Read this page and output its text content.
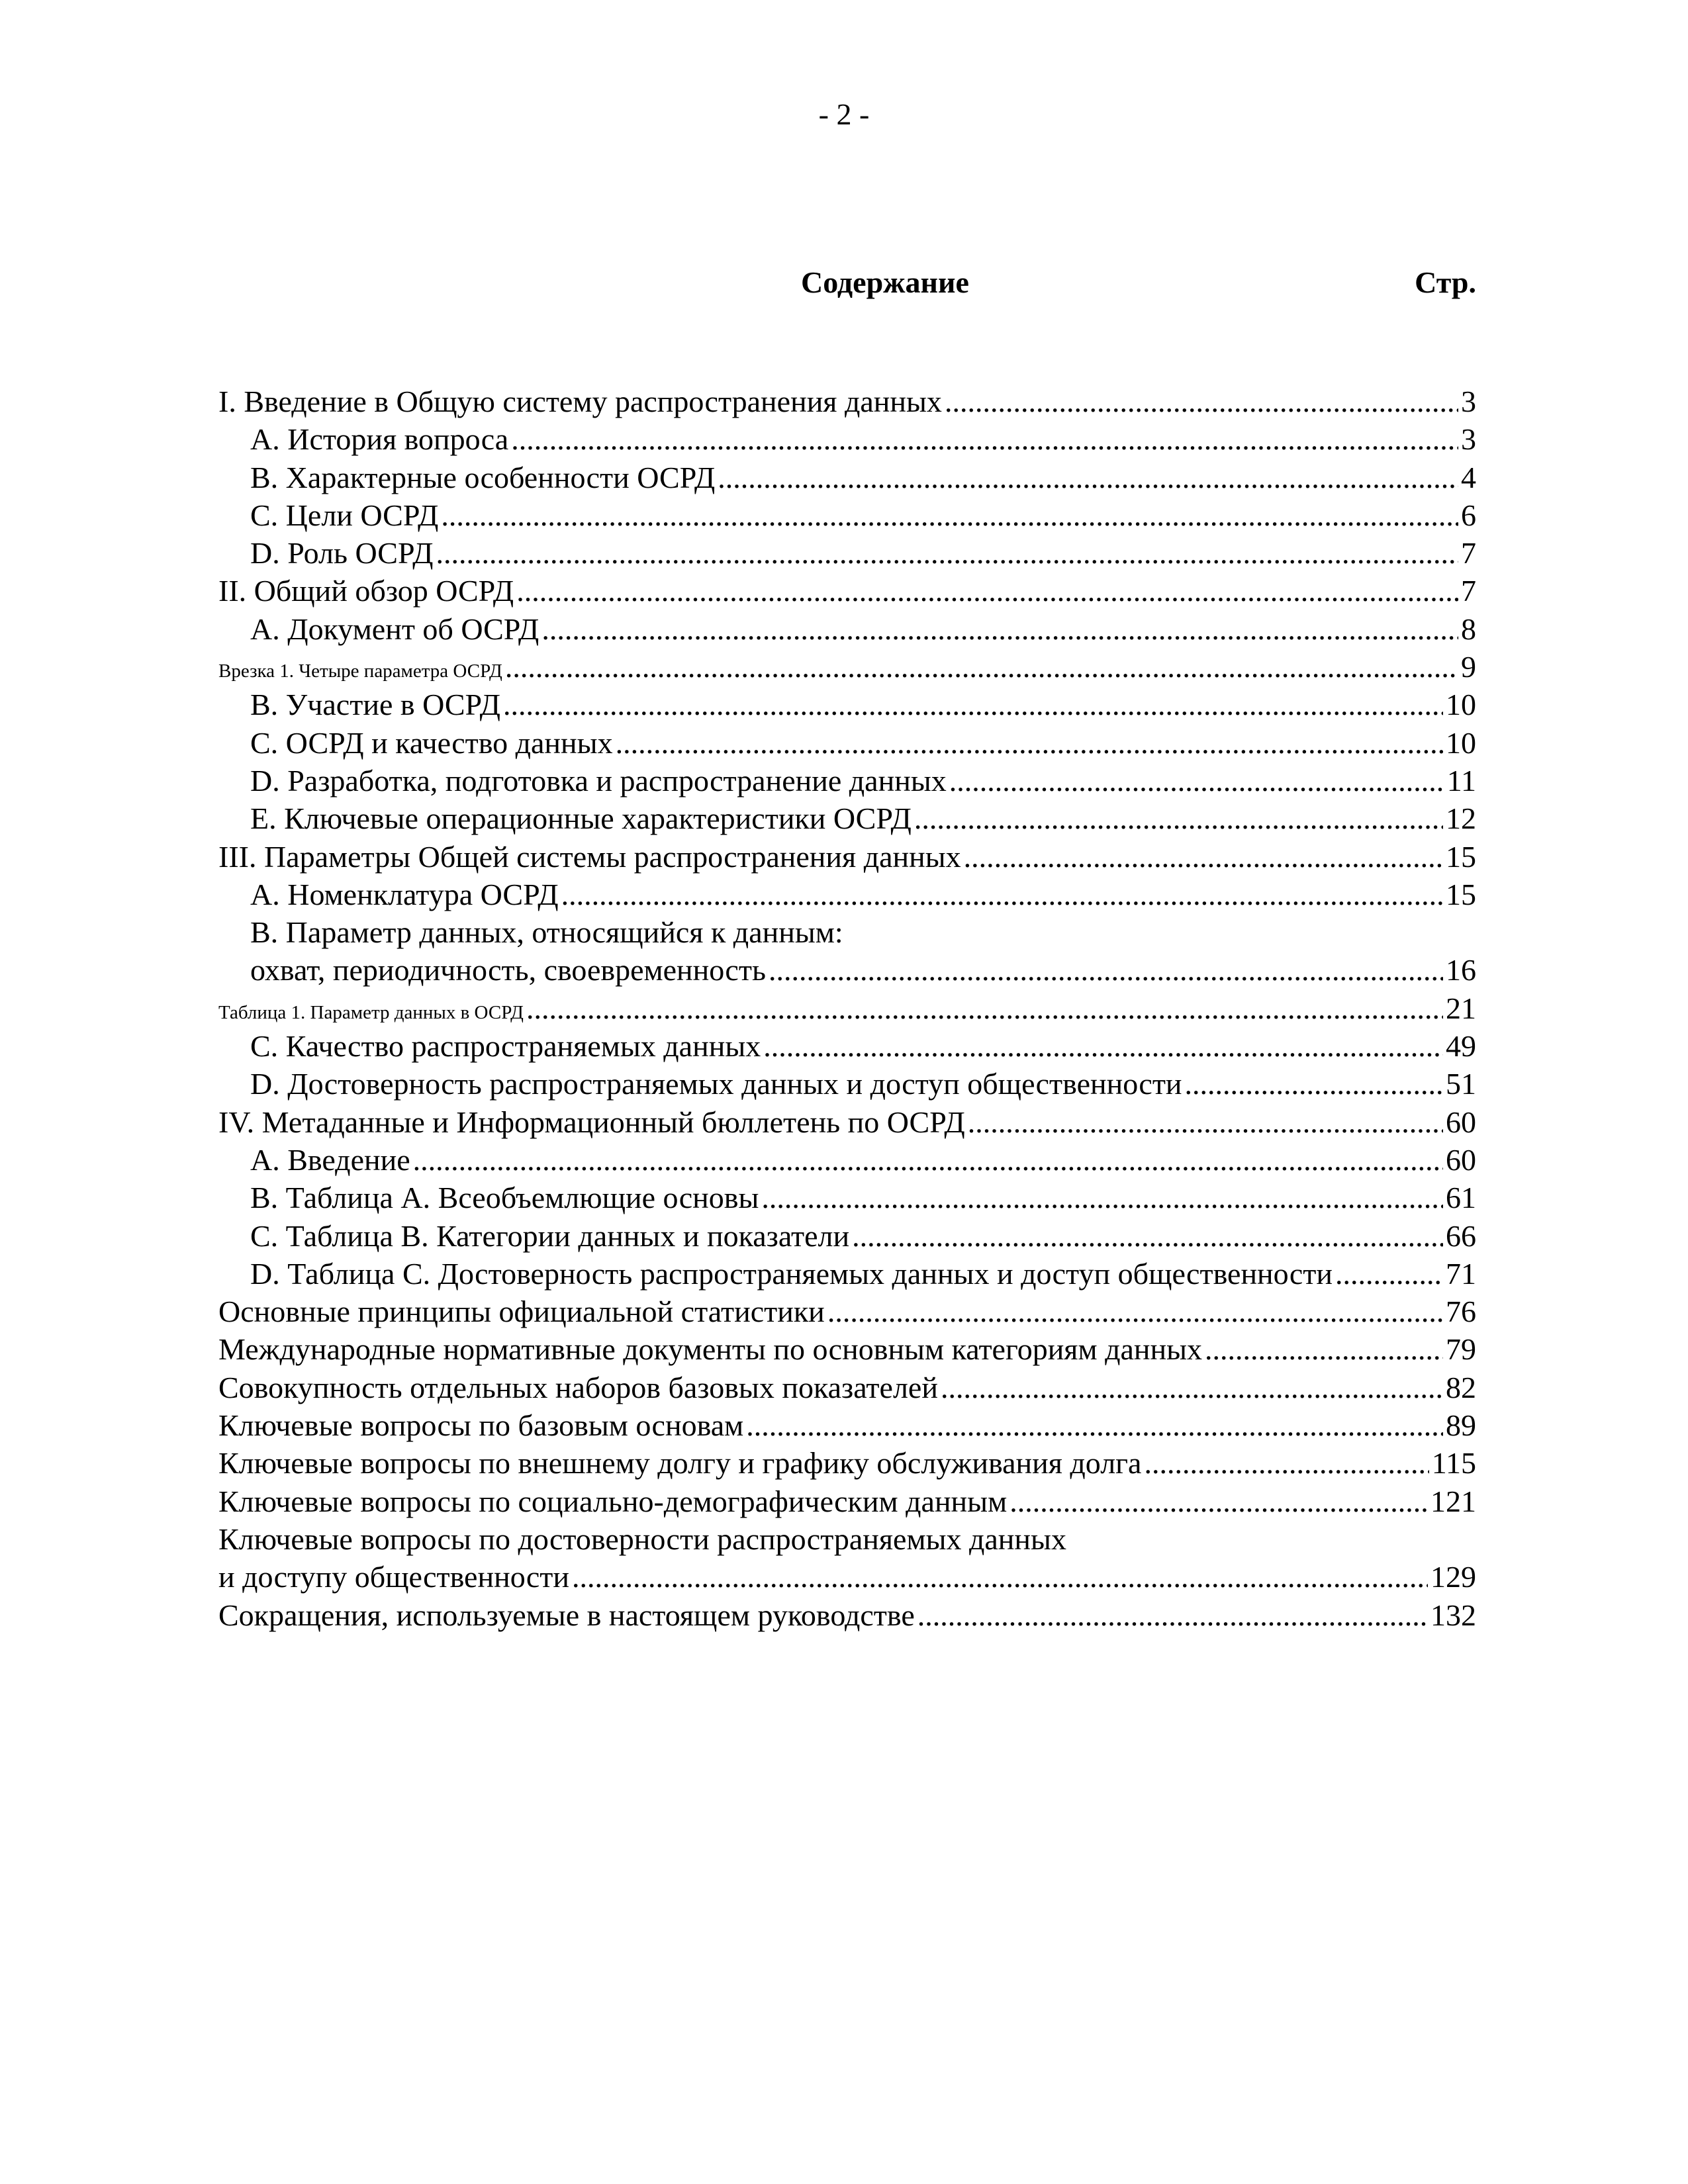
- 2 -
Содержание	Стр.
I. Введение в Общую систему распространения данных .....	3
A. История вопроса .....	3
B. Характерные особенности ОСРД .....	4
C. Цели ОСРД .....	6
D. Роль ОСРД .....	7
II. Общий обзор ОСРД .....	7
A. Документ об ОСРД .....	8
Врезка 1. Четыре параметра ОСРД .....	9
B. Участие в ОСРД .....	10
C. ОСРД и качество данных .....	10
D. Разработка, подготовка и распространение данных .....	11
E. Ключевые операционные характеристики ОСРД .....	12
III. Параметры Общей системы распространения данных .....	15
A. Номенклатура ОСРД .....	15
B. Параметр данных, относящийся к данным:
охват, периодичность, своевременность .....	16
Таблица 1. Параметр данных в ОСРД .....	21
C. Качество распространяемых данных .....	49
D. Достоверность распространяемых данных и доступ общественности .....	51
IV. Метаданные и Информационный бюллетень по ОСРД .....	60
A. Введение .....	60
B. Таблица A. Всеобъемлющие основы .....	61
C. Таблица B. Категории данных и показатели .....	66
D. Таблица C. Достоверность распространяемых данных и доступ общественности .....	71
Основные принципы официальной статистики .....	76
Международные нормативные документы по основным категориям данных .....	79
Совокупность отдельных наборов базовых показателей .....	82
Ключевые вопросы по базовым основам .....	89
Ключевые вопросы по внешнему долгу и графику обслуживания долга .....	115
Ключевые вопросы по социально-демографическим данным .....	121
Ключевые вопросы по достоверности распространяемых данных
и доступу общественности .....	129
Сокращения, используемые в настоящем руководстве .....	132
